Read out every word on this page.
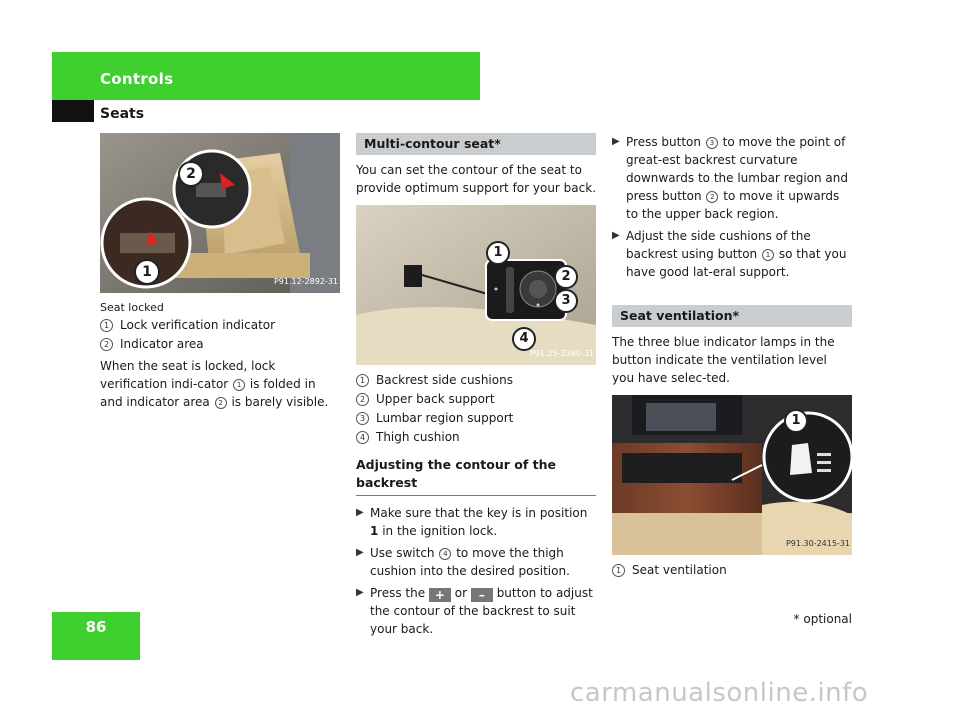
Controls
Seats
2
1
P91.12-2892-31
Seat locked
1 Lock verification indicator
2 Indicator area

When the seat is locked, lock verification indi-cator 1 is folded in and indicator area 2 is barely visible.

Multi-contour seat*

You can set the contour of the seat to provide optimum support for your back.

1
2
3
4
P91.25-2380-31
1 Backrest side cushions
2 Upper back support
3 Lumbar region support
4 Thigh cushion
Adjusting the contour of the backrest
▶ Make sure that the key is in position 1 in the ignition lock.
▶ Use switch 4 to move the thigh cushion into the desired position.
▶ Press the + or – button to adjust the contour of the backrest to suit your back.
▶ Press button 3 to move the point of great-est backrest curvature downwards to the lumbar region and press button 2 to move it upwards to the upper back region.
▶ Adjust the side cushions of the backrest using button 1 so that you have good lat-eral support.
Seat ventilation*

The three blue indicator lamps in the button indicate the ventilation level you have selec-ted.

1
P91.30-2415-31
1 Seat ventilation
86	* optional
carmanualsonline.info
